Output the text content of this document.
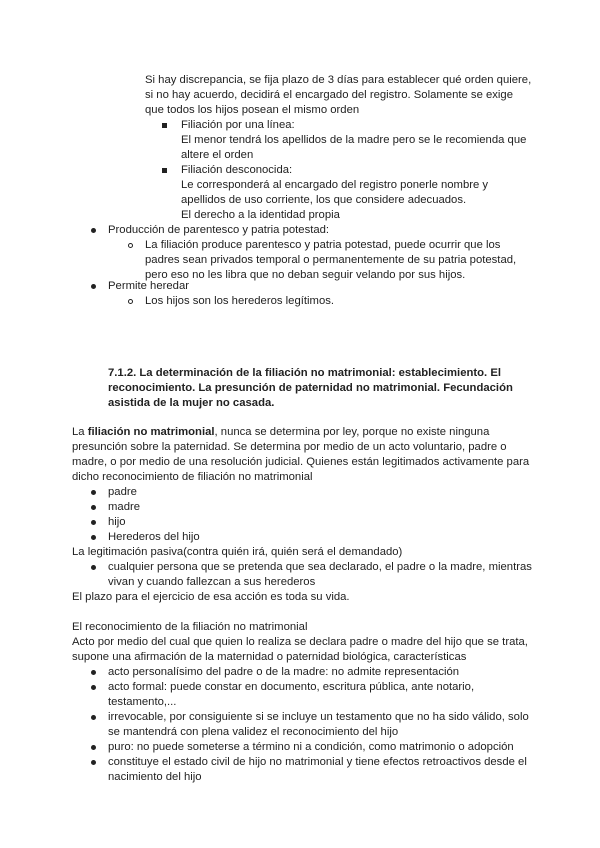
Si hay discrepancia, se fija plazo de 3 días para establecer qué orden quiere,
si no hay acuerdo, decidirá el encargado del registro. Solamente se exige
que todos los hijos posean el mismo orden
Filiación por una línea:
El menor tendrá los apellidos de la madre pero se le recomienda que
altere el orden
Filiación desconocida:
Le corresponderá al encargado del registro ponerle nombre y
apellidos de uso corriente, los que considere adecuados.
El derecho a la identidad propia
Producción de parentesco y patria potestad:
La filiación produce parentesco y patria potestad, puede ocurrir que los
padres sean privados temporal o permanentemente de su patria potestad,
pero eso no les libra que no deban seguir velando por sus hijos.
Permite heredar
Los hijos son los herederos legítimos.
7.1.2. La determinación de la filiación no matrimonial: establecimiento. El
reconocimiento. La presunción de paternidad no matrimonial. Fecundación
asistida de la mujer no casada.
La filiación no matrimonial, nunca se determina por ley, porque no existe ninguna
presunción sobre la paternidad. Se determina por medio de un acto voluntario, padre o
madre, o por medio de una resolución judicial. Quienes están legitimados activamente para
dicho reconocimiento de filiación no matrimonial
padre
madre
hijo
Herederos del hijo
La legitimación pasiva(contra quién irá, quién será el demandado)
cualquier persona que se pretenda que sea declarado, el padre o la madre, mientras
vivan y cuando fallezcan a sus herederos
El plazo para el ejercicio de esa acción es toda su vida.
El reconocimiento de la filiación no matrimonial
Acto por medio del cual que quien lo realiza se declara padre o madre del hijo que se trata,
supone una afirmación de la maternidad o paternidad biológica, características
acto personalísimo del padre o de la madre: no admite representación
acto formal: puede constar en documento, escritura pública, ante notario,
testamento,...
irrevocable, por consiguiente si se incluye un testamento que no ha sido válido, solo
se mantendrá con plena validez el reconocimiento del hijo
puro: no puede someterse a término ni a condición, como matrimonio o adopción
constituye el estado civil de hijo no matrimonial y tiene efectos retroactivos desde el
nacimiento del hijo
